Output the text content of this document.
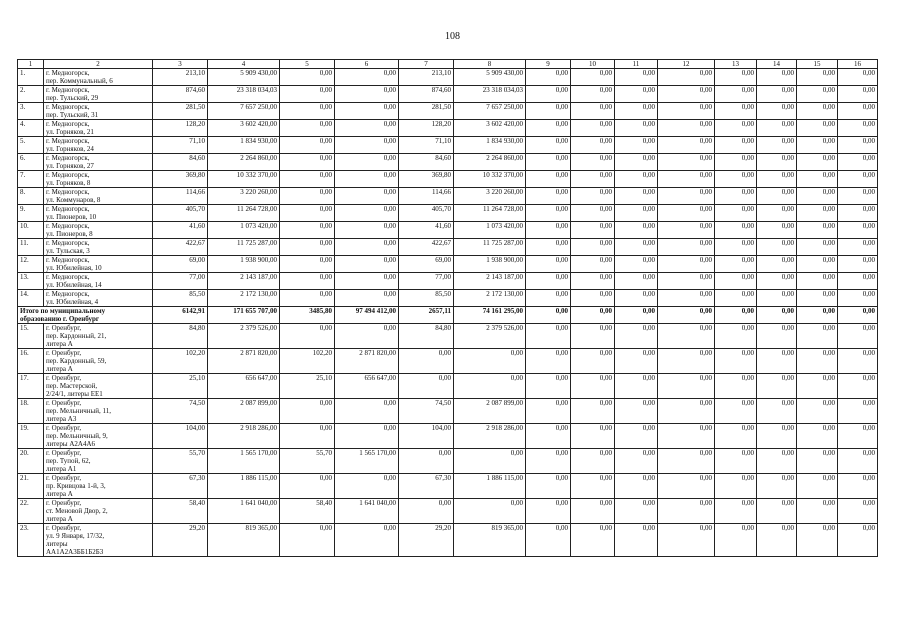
108
1	2	3	4	5	6	7	8	9	10	11	12	13	14	15	16
1.	г. Медногорск,
пер. Коммунальный, 6	213,10	5 909 430,00	0,00	0,00	213,10	5 909 430,00	0,00	0,00	0,00	0,00	0,00	0,00	0,00	0,00
2.	г. Медногорск,
пер. Тульский, 29	874,60	23 318 034,03	0,00	0,00	874,60	23 318 034,03	0,00	0,00	0,00	0,00	0,00	0,00	0,00	0,00
3.	г. Медногорск,
пер. Тульский, 31	281,50	7 657 250,00	0,00	0,00	281,50	7 657 250,00	0,00	0,00	0,00	0,00	0,00	0,00	0,00	0,00
4.	г. Медногорск,
ул. Горняков, 21	128,20	3 602 420,00	0,00	0,00	128,20	3 602 420,00	0,00	0,00	0,00	0,00	0,00	0,00	0,00	0,00
5.	г. Медногорск,
ул. Горняков, 24	71,10	1 834 930,00	0,00	0,00	71,10	1 834 930,00	0,00	0,00	0,00	0,00	0,00	0,00	0,00	0,00
6.	г. Медногорск,
ул. Горняков, 27	84,60	2 264 860,00	0,00	0,00	84,60	2 264 860,00	0,00	0,00	0,00	0,00	0,00	0,00	0,00	0,00
7.	г. Медногорск,
ул. Горняков, 8	369,80	10 332 370,00	0,00	0,00	369,80	10 332 370,00	0,00	0,00	0,00	0,00	0,00	0,00	0,00	0,00
8.	г. Медногорск,
ул. Коммунаров, 8	114,66	3 220 260,00	0,00	0,00	114,66	3 220 260,00	0,00	0,00	0,00	0,00	0,00	0,00	0,00	0,00
9.	г. Медногорск,
ул. Пионеров, 10	405,70	11 264 728,00	0,00	0,00	405,70	11 264 728,00	0,00	0,00	0,00	0,00	0,00	0,00	0,00	0,00
10.	г. Медногорск,
ул. Пионеров, 8	41,60	1 073 420,00	0,00	0,00	41,60	1 073 420,00	0,00	0,00	0,00	0,00	0,00	0,00	0,00	0,00
11.	г. Медногорск,
ул. Тульская, 3	422,67	11 725 287,00	0,00	0,00	422,67	11 725 287,00	0,00	0,00	0,00	0,00	0,00	0,00	0,00	0,00
12.	г. Медногорск,
ул. Юбилейная, 10	69,00	1 938 900,00	0,00	0,00	69,00	1 938 900,00	0,00	0,00	0,00	0,00	0,00	0,00	0,00	0,00
13.	г. Медногорск,
ул. Юбилейная, 14	77,00	2 143 187,00	0,00	0,00	77,00	2 143 187,00	0,00	0,00	0,00	0,00	0,00	0,00	0,00	0,00
14.	г. Медногорск,
ул. Юбилейная, 4	85,50	2 172 130,00	0,00	0,00	85,50	2 172 130,00	0,00	0,00	0,00	0,00	0,00	0,00	0,00	0,00
Итого по муниципальному
образованию г. Оренбург		6142,91	171 655 707,00	3485,80	97 494 412,00	2657,11	74 161 295,00	0,00	0,00	0,00	0,00	0,00	0,00	0,00	0,00
15.	г. Оренбург,
пер. Кардонный, 21,
литера А	84,80	2 379 526,00	0,00	0,00	84,80	2 379 526,00	0,00	0,00	0,00	0,00	0,00	0,00	0,00	0,00
16.	г. Оренбург,
пер. Кардонный, 59,
литера А	102,20	2 871 820,00	102,20	2 871 820,00	0,00	0,00	0,00	0,00	0,00	0,00	0,00	0,00	0,00	0,00
17.	г. Оренбург,
пер. Мастерской,
2/24/1, литеры ЕЕ1	25,10	656 647,00	25,10	656 647,00	0,00	0,00	0,00	0,00	0,00	0,00	0,00	0,00	0,00	0,00
18.	г. Оренбург,
пер. Мельничный, 11,
литера А3	74,50	2 087 899,00	0,00	0,00	74,50	2 087 899,00	0,00	0,00	0,00	0,00	0,00	0,00	0,00	0,00
19.	г. Оренбург,
пер. Мельничный, 9,
литеры А2А4А6	104,00	2 918 286,00	0,00	0,00	104,00	2 918 286,00	0,00	0,00	0,00	0,00	0,00	0,00	0,00	0,00
20.	г. Оренбург,
пер. Тупой, 62,
литера А1	55,70	1 565 170,00	55,70	1 565 170,00	0,00	0,00	0,00	0,00	0,00	0,00	0,00	0,00	0,00	0,00
21.	г. Оренбург,
пр. Кривцова 1-й, 3,
литера А	67,30	1 886 115,00	0,00	0,00	67,30	1 886 115,00	0,00	0,00	0,00	0,00	0,00	0,00	0,00	0,00
22.	г. Оренбург,
ст. Меновой Двор, 2,
литера А	58,40	1 641 040,00	58,40	1 641 040,00	0,00	0,00	0,00	0,00	0,00	0,00	0,00	0,00	0,00	0,00
23.	г. Оренбург,
ул. 9 Января, 17/32,
литеры
АА1А2А3ББ1Б2Б3	29,20	819 365,00	0,00	0,00	29,20	819 365,00	0,00	0,00	0,00	0,00	0,00	0,00	0,00	0,00
